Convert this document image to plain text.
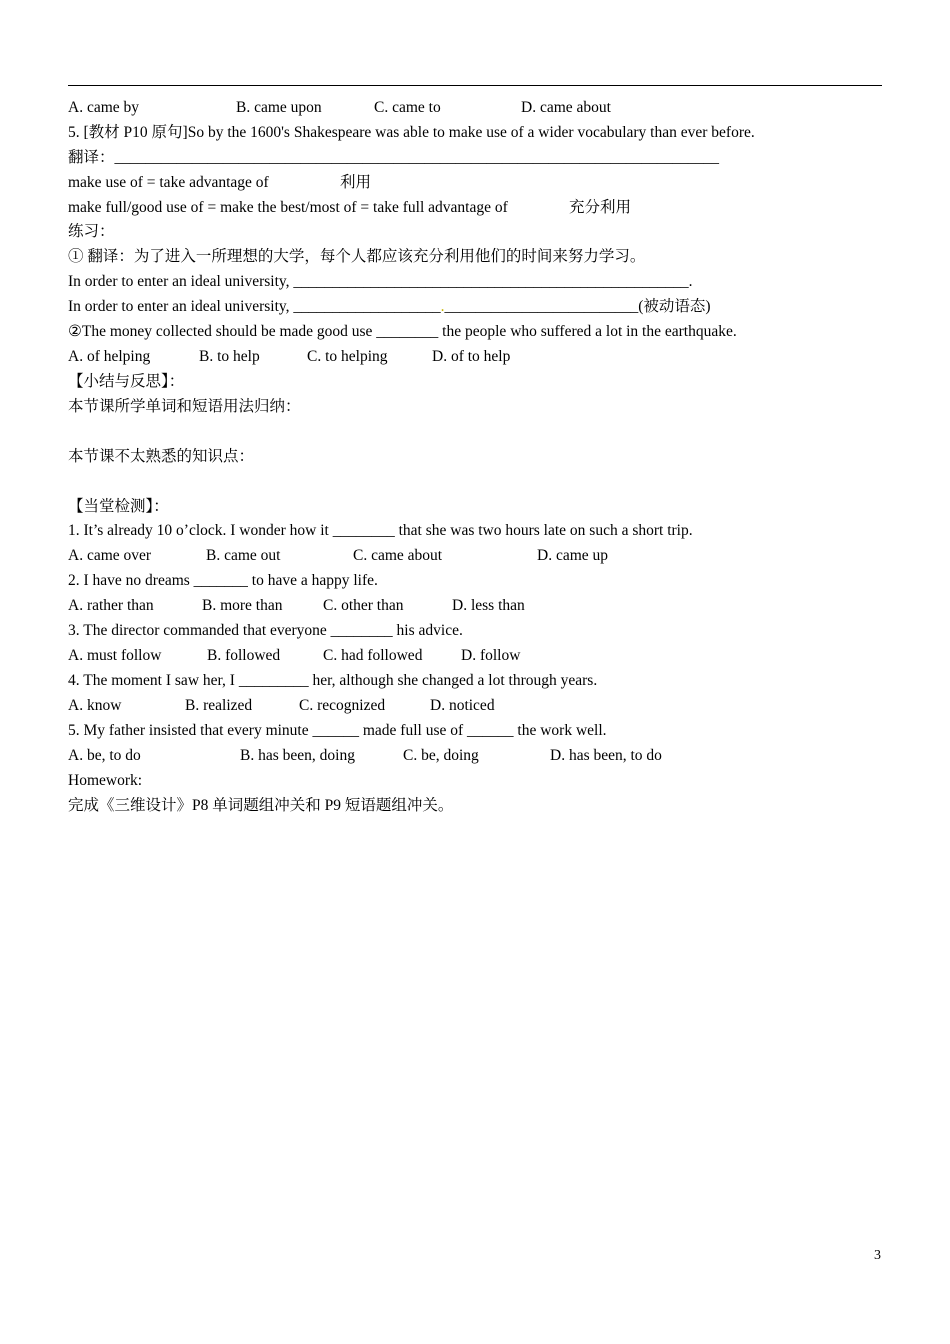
A. came by	B. came upon	C. came to	D. came about
5. [教材 P10 原句]So by the 1600's Shakespeare was able to make use of a wider vocabulary than ever before.
翻译：______________________________________________________________________________
make use of = take advantage of	利用
make full/good use of = make the best/most of = take full advantage of	充分利用
练习：
① 翻译：为了进入一所理想的大学，每个人都应该充分利用他们的时间来努力学习。
In order to enter an ideal university, ___________________________________________________.
In order to enter an ideal university, ___________________._________________________(被动语态)
②The money collected should be made good use ________ the people who suffered a lot in the earthquake.
A. of helping	B. to help	C. to helping	D. of to help
【小结与反思】：
本节课所学单词和短语用法归纳：
本节课不太熟悉的知识点：
【当堂检测】：
1. It’s already 10 o’clock. I wonder how it ________ that she was two hours late on such a short trip.
A. came over	B. came out	C. came about	D. came up
2. I have no dreams _______ to have a happy life.
A. rather than	B. more than	C. other than	D. less than
3. The director commanded that everyone ________ his advice.
A. must follow	B. followed	C. had followed D. follow
4. The moment I saw her, I _________ her, although she changed a lot through years.
A. know	B. realized	C. recognized	D. noticed
5. My father insisted that every minute ______ made full use of ______ the work well.
A. be, to do	B. has been, doing	C. be, doing	D. has been, to do
Homework:
完成《三维设计》P8 单词题组冲关和 P9 短语题组冲关。
3
